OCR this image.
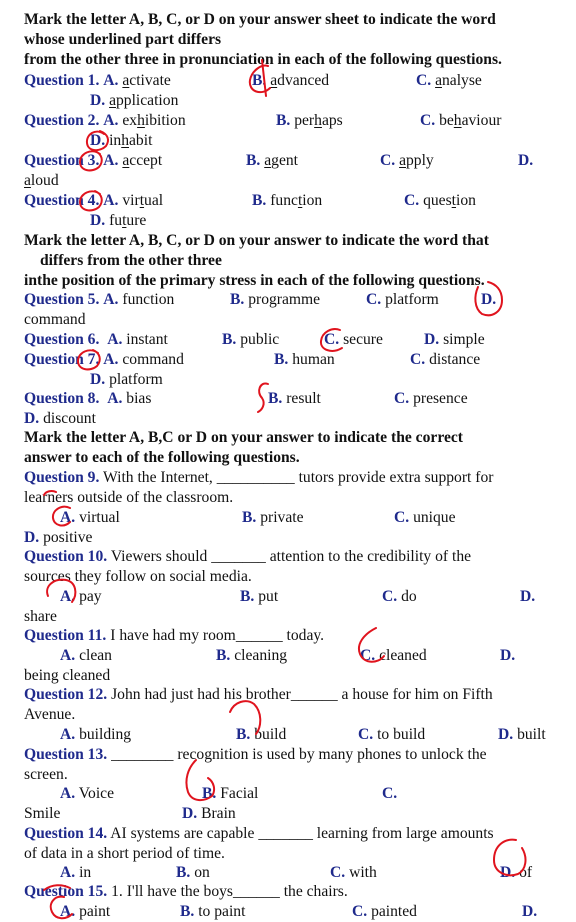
Mark the letter A, B, C, or D on your answer sheet to indicate the word
whose underlined part differs
from the other three in pronunciation in each of the following questions.
Question 1. A. activate	B. advanced	C. analyse
D. application
Question 2. A. exhibition	B. perhaps	C. behaviour
D. inhabit
Question 3. A. accept	B. agent	C. apply	D.
aloud
Question 4. A. virtual	B. function	C. question
D. future
Mark the letter A, B, C, or D on your answer to indicate the word that
differs from the other three
inthe position of the primary stress in each of the following questions.
Question 5. A. function	B. programme	C. platform	D.
command
Question 6. A. instant	B. public	C. secure	D. simple
Question 7. A. command	B. human	C. distance
D. platform
Question 8. A. bias	B. result	C. presence
D. discount
Mark the letter A, B,C or D on your answer to indicate the correct
answer to each of the following questions.
Question 9. With the Internet, __________ tutors provide extra support for
learners outside of the classroom.
A. virtual	B. private	C. unique
D. positive
Question 10. Viewers should _______ attention to the credibility of the
sources they follow on social media.
A. pay	B. put	C. do	D.
share
Question 11. I have had my room______ today.
A. clean	B. cleaning	C. cleaned	D.
being cleaned
Question 12. John had just had his brother______ a house for him on Fifth
Avenue.
A. building	B. build	C. to build	D. built
Question 13. ________ recognition is used by many phones to unlock the
screen.
A. Voice	B. Facial	C.
Smile	D. Brain
Question 14. AI systems are capable _______ learning from large amounts
of data in a short period of time.
A. in	B. on	C. with	D. of
Question 15. 1. I'll have the boys______ the chairs.
A. paint	B. to paint	C. painted	D.
